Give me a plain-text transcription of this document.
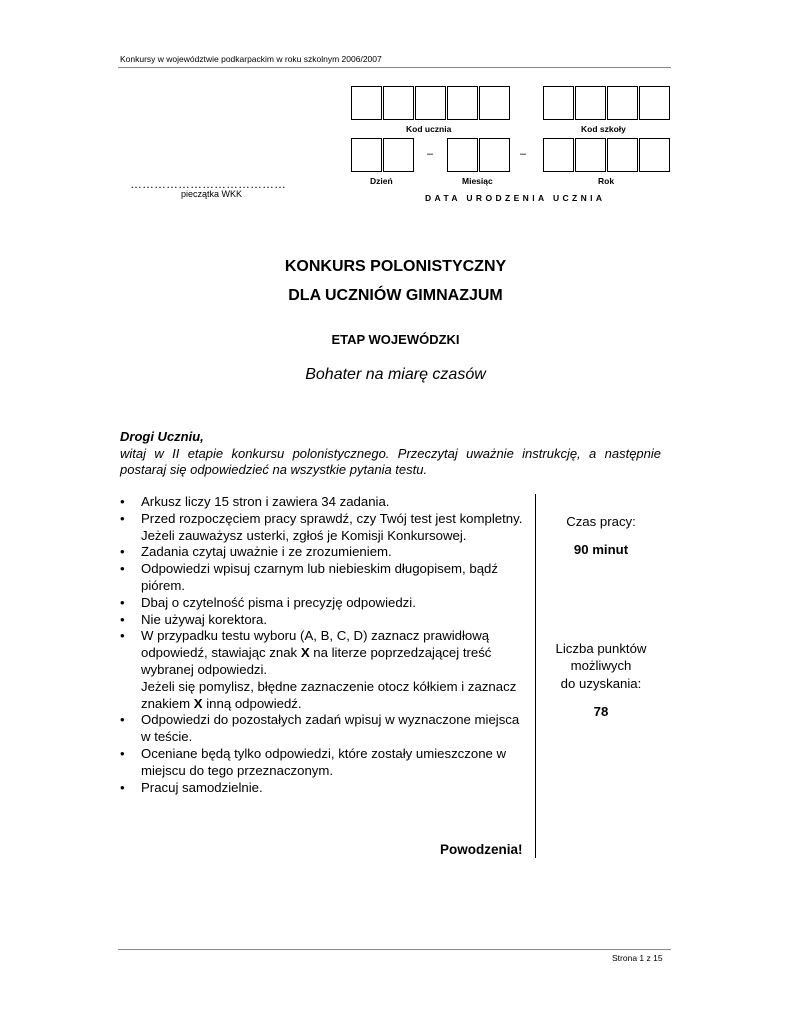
Konkursy w województwie podkarpackim w roku szkolnym 2006/2007
Kod ucznia	Kod szkoły
–	–
Dzień	Miesiąc	Rok
DATA URODZENIA UCZNIA
…………………………………
pieczątka WKK
KONKURS POLONISTYCZNY
DLA UCZNIÓW GIMNAZJUM
ETAP WOJEWÓDZKI
Bohater na miarę czasów
Drogi Uczniu,
witaj w II etapie konkursu polonistycznego. Przeczytaj uważnie instrukcję, a następnie postaraj się odpowiedzieć na wszystkie pytania testu.
• Arkusz liczy 15 stron i zawiera 34 zadania.
• Przed rozpoczęciem pracy sprawdź, czy Twój test jest kompletny. Jeżeli zauważysz usterki, zgłoś je Komisji Konkursowej.
• Zadania czytaj uważnie i ze zrozumieniem.
• Odpowiedzi wpisuj czarnym lub niebieskim długopisem, bądź piórem.
• Dbaj o czytelność pisma i precyzję odpowiedzi.
• Nie używaj korektora.
• W przypadku testu wyboru (A, B, C, D) zaznacz prawidłową odpowiedź, stawiając znak X na literze poprzedzającej treść wybranej odpowiedzi.
Jeżeli się pomylisz, błędne zaznaczenie otocz kółkiem i zaznacz znakiem X inną odpowiedź.
• Odpowiedzi do pozostałych zadań wpisuj w wyznaczone miejsca w teście.
• Oceniane będą tylko odpowiedzi, które zostały umieszczone w miejscu do tego przeznaczonym.
• Pracuj samodzielnie.
Czas pracy:
90 minut
Liczba punktów
możliwych
do uzyskania:
78
Powodzenia!
Strona 1 z 15
